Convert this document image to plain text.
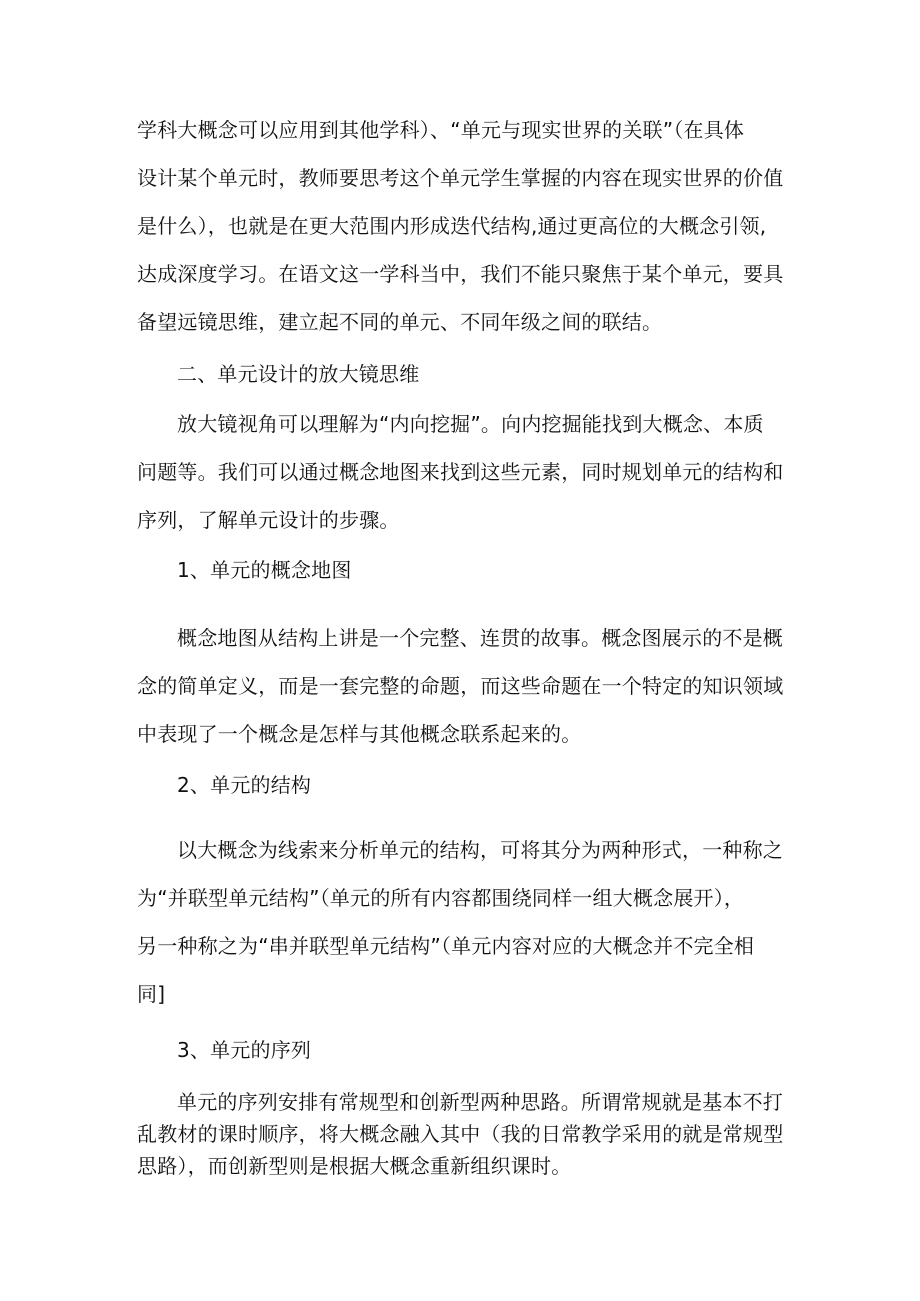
学科大概念可以应用到其他学科）、“单元与现实世界的关联”（在具体
设计某个单元时，教师要思考这个单元学生掌握的内容在现实世界的价值
是什么），也就是在更大范围内形成迭代结构,通过更高位的大概念引领,
达成深度学习。在语文这一学科当中，我们不能只聚焦于某个单元，要具
备望远镜思维，建立起不同的单元、不同年级之间的联结。
二、单元设计的放大镜思维
放大镜视角可以理解为“内向挖掘”。向内挖掘能找到大概念、本质
问题等。我们可以通过概念地图来找到这些元素，同时规划单元的结构和
序列，了解单元设计的步骤。
1、单元的概念地图
概念地图从结构上讲是一个完整、连贯的故事。概念图展示的不是概
念的简单定义，而是一套完整的命题，而这些命题在一个特定的知识领域
中表现了一个概念是怎样与其他概念联系起来的。
2、单元的结构
以大概念为线索来分析单元的结构，可将其分为两种形式，一种称之
为“并联型单元结构”（单元的所有内容都围绕同样一组大概念展开），
另一种称之为“串并联型单元结构”（单元内容对应的大概念并不完全相
同]
3、单元的序列
单元的序列安排有常规型和创新型两种思路。所谓常规就是基本不打
乱教材的课时顺序，将大概念融入其中（我的日常教学采用的就是常规型
思路），而创新型则是根据大概念重新组织课时。
